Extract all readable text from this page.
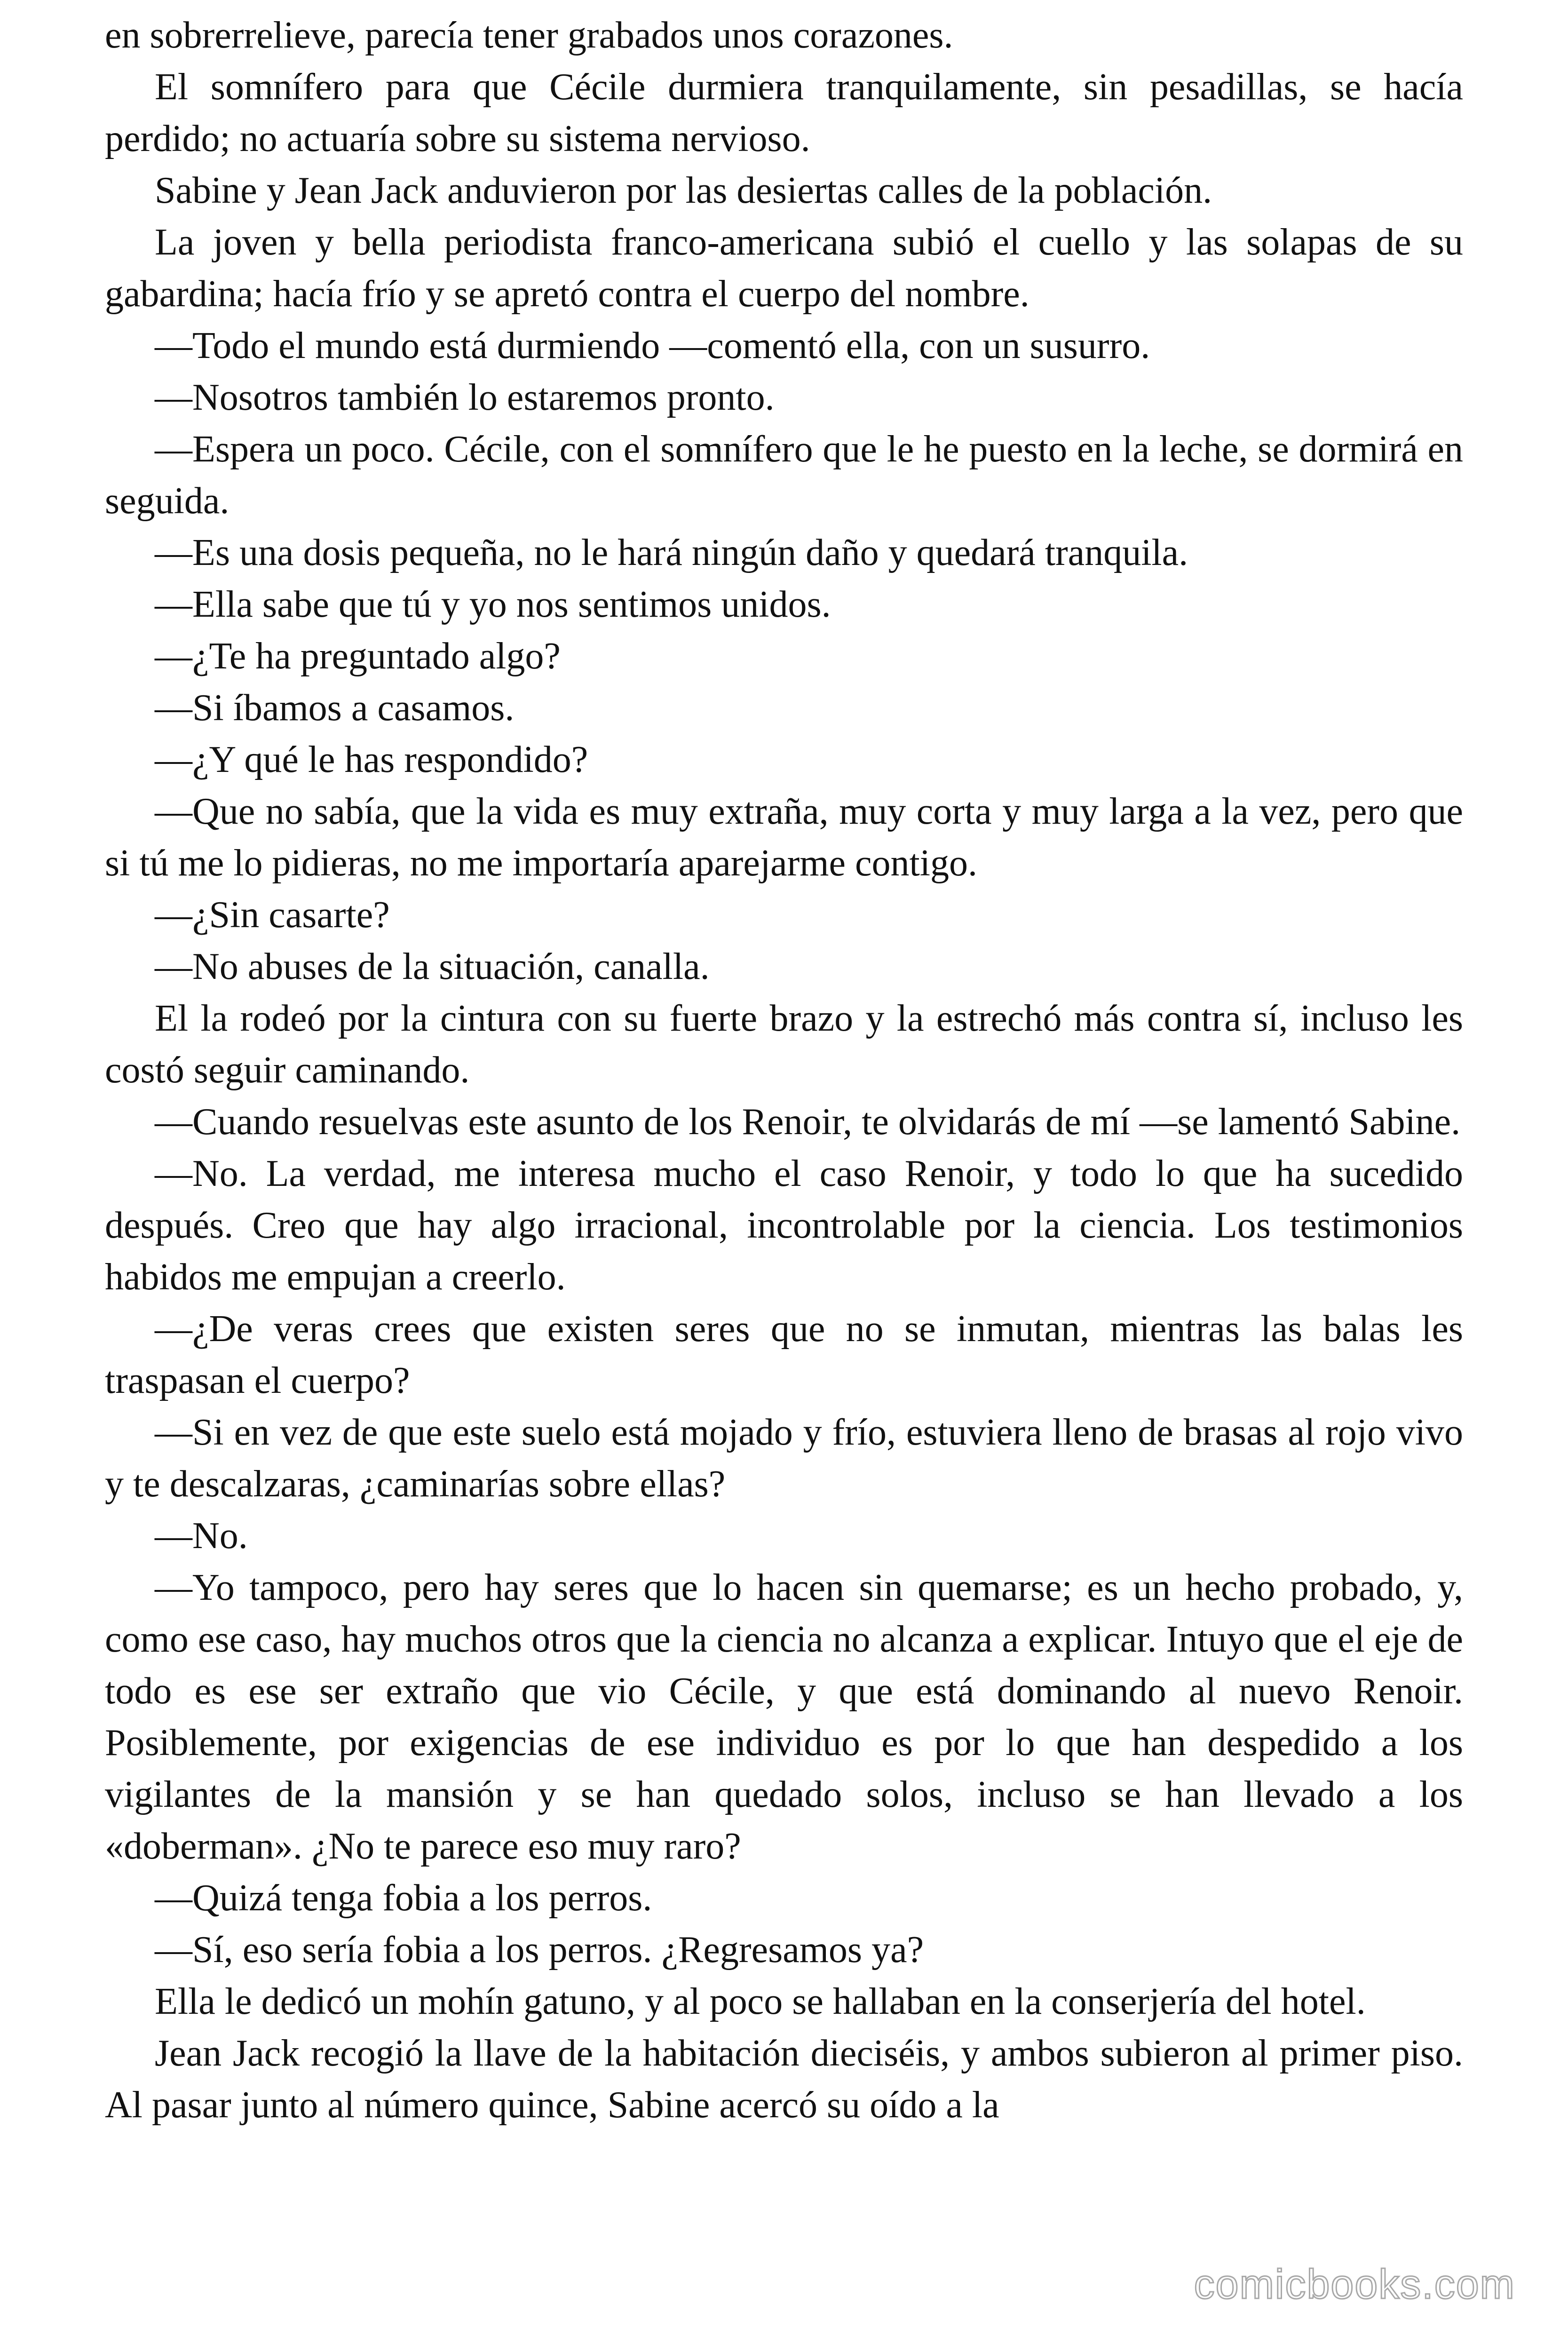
en sobrerrelieve, parecía tener grabados unos corazones.

El somnífero para que Cécile durmiera tranquilamente, sin pesadillas, se hacía perdido; no actuaría sobre su sistema nervioso.

Sabine y Jean Jack anduvieron por las desiertas calles de la población.

La joven y bella periodista franco-americana subió el cuello y las solapas de su gabardina; hacía frío y se apretó contra el cuerpo del nombre.

—Todo el mundo está durmiendo —comentó ella, con un susurro.

—Nosotros también lo estaremos pronto.

—Espera un poco. Cécile, con el somnífero que le he puesto en la leche, se dormirá en seguida.

—Es una dosis pequeña, no le hará ningún daño y quedará tranquila.

—Ella sabe que tú y yo nos sentimos unidos.

—¿Te ha preguntado algo?

—Si íbamos a casamos.

—¿Y qué le has respondido?

—Que no sabía, que la vida es muy extraña, muy corta y muy larga a la vez, pero que si tú me lo pidieras, no me importaría aparejarme contigo.

—¿Sin casarte?

—No abuses de la situación, canalla.

El la rodeó por la cintura con su fuerte brazo y la estrechó más contra sí, incluso les costó seguir caminando.

—Cuando resuelvas este asunto de los Renoir, te olvidarás de mí —se lamentó Sabine.

—No. La verdad, me interesa mucho el caso Renoir, y todo lo que ha sucedido después. Creo que hay algo irracional, incontrolable por la ciencia. Los testimonios habidos me empujan a creerlo.

—¿De veras crees que existen seres que no se inmutan, mientras las balas les traspasan el cuerpo?

—Si en vez de que este suelo está mojado y frío, estuviera lleno de brasas al rojo vivo y te descalzaras, ¿caminarías sobre ellas?

—No.

—Yo tampoco, pero hay seres que lo hacen sin quemarse; es un hecho probado, y, como ese caso, hay muchos otros que la ciencia no alcanza a explicar. Intuyo que el eje de todo es ese ser extraño que vio Cécile, y que está dominando al nuevo Renoir. Posiblemente, por exigencias de ese individuo es por lo que han despedido a los vigilantes de la mansión y se han quedado solos, incluso se han llevado a los «doberman». ¿No te parece eso muy raro?

—Quizá tenga fobia a los perros.

—Sí, eso sería fobia a los perros. ¿Regresamos ya?

Ella le dedicó un mohín gatuno, y al poco se hallaban en la conserjería del hotel.

Jean Jack recogió la llave de la habitación dieciséis, y ambos subieron al primer piso. Al pasar junto al número quince, Sabine acercó su oído a la

comicbooks.com
